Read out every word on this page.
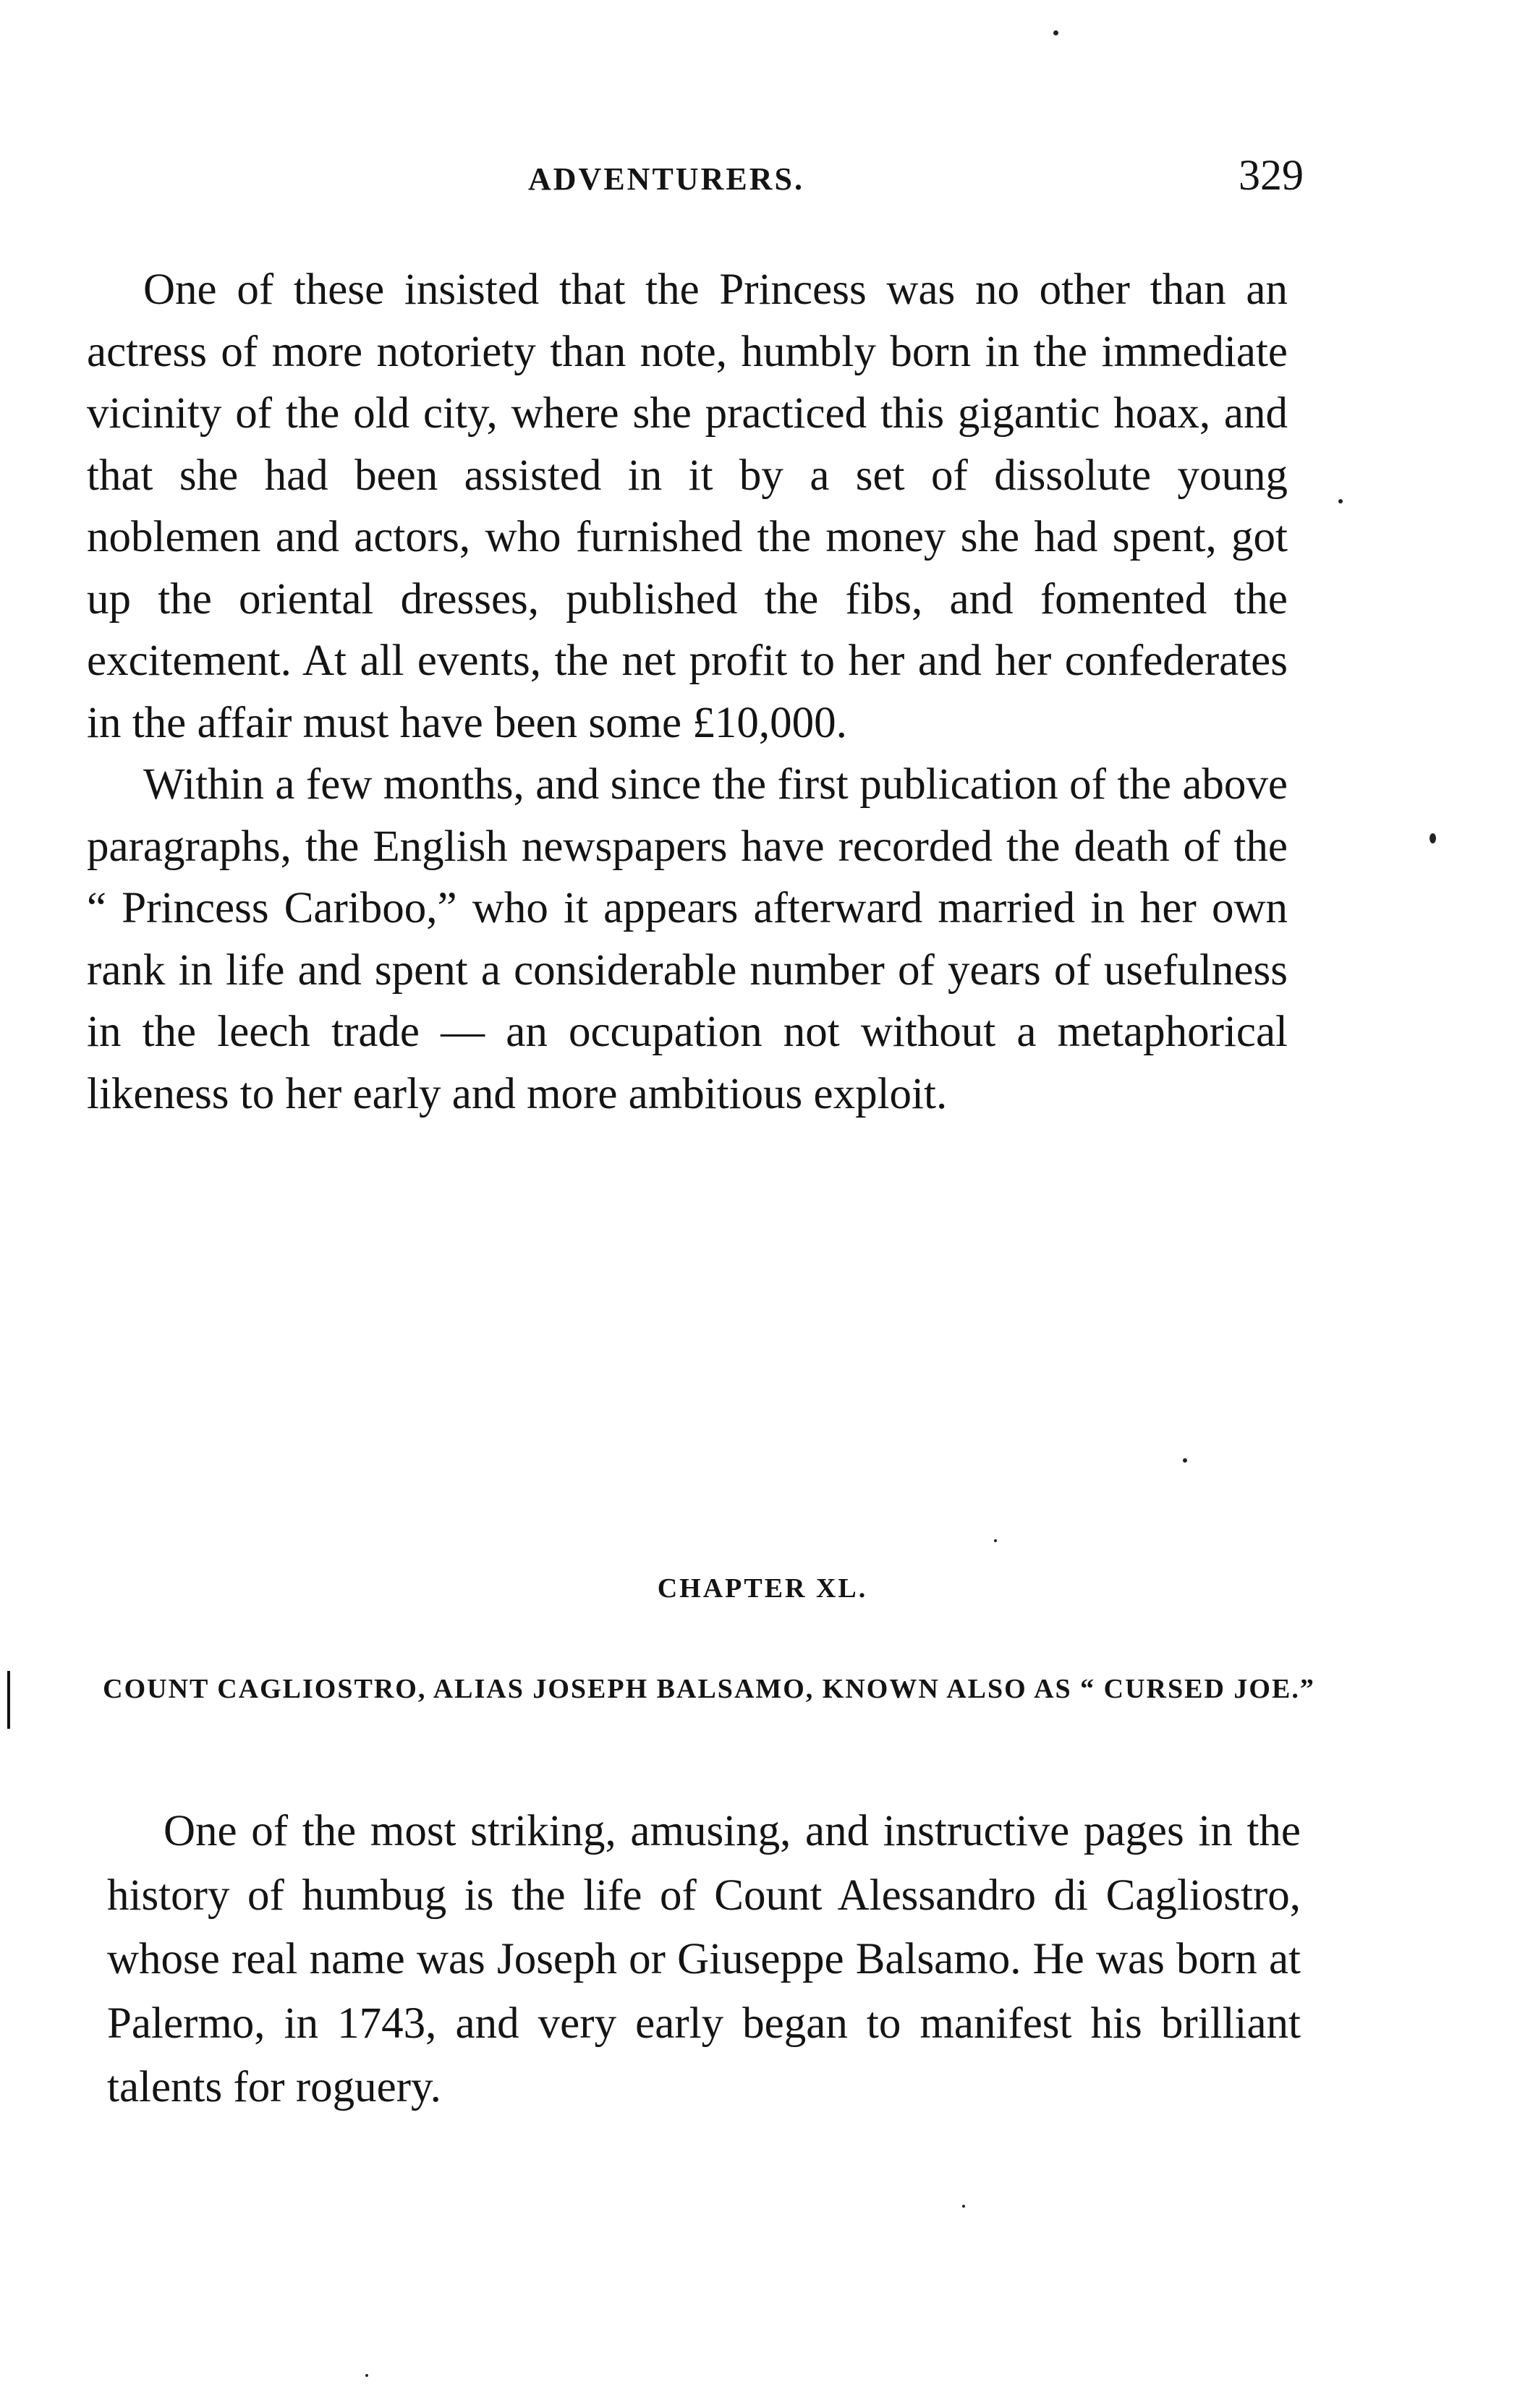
ADVENTURERS.	329

One of these insisted that the Princess was no other than an actress of more notoriety than note, humbly born in the immediate vicinity of the old city, where she practiced this gigantic hoax, and that she had been assisted in it by a set of dissolute young noblemen and actors, who furnished the money she had spent, got up the oriental dresses, published the fibs, and fomented the excitement. At all events, the net profit to her and her confederates in the affair must have been some £10,000.

Within a few months, and since the first publication of the above paragraphs, the English newspapers have recorded the death of the “ Princess Cariboo,” who it appears afterward married in her own rank in life and spent a considerable number of years of usefulness in the leech trade — an occupation not without a metaphorical likeness to her early and more ambitious exploit.

CHAPTER XL.
COUNT CAGLIOSTRO, ALIAS JOSEPH BALSAMO, KNOWN ALSO AS “ CURSED JOE.”

One of the most striking, amusing, and instructive pages in the history of humbug is the life of Count Alessandro di Cagliostro, whose real name was Joseph or Giuseppe Balsamo. He was born at Palermo, in 1743, and very early began to manifest his brilliant talents for roguery.
